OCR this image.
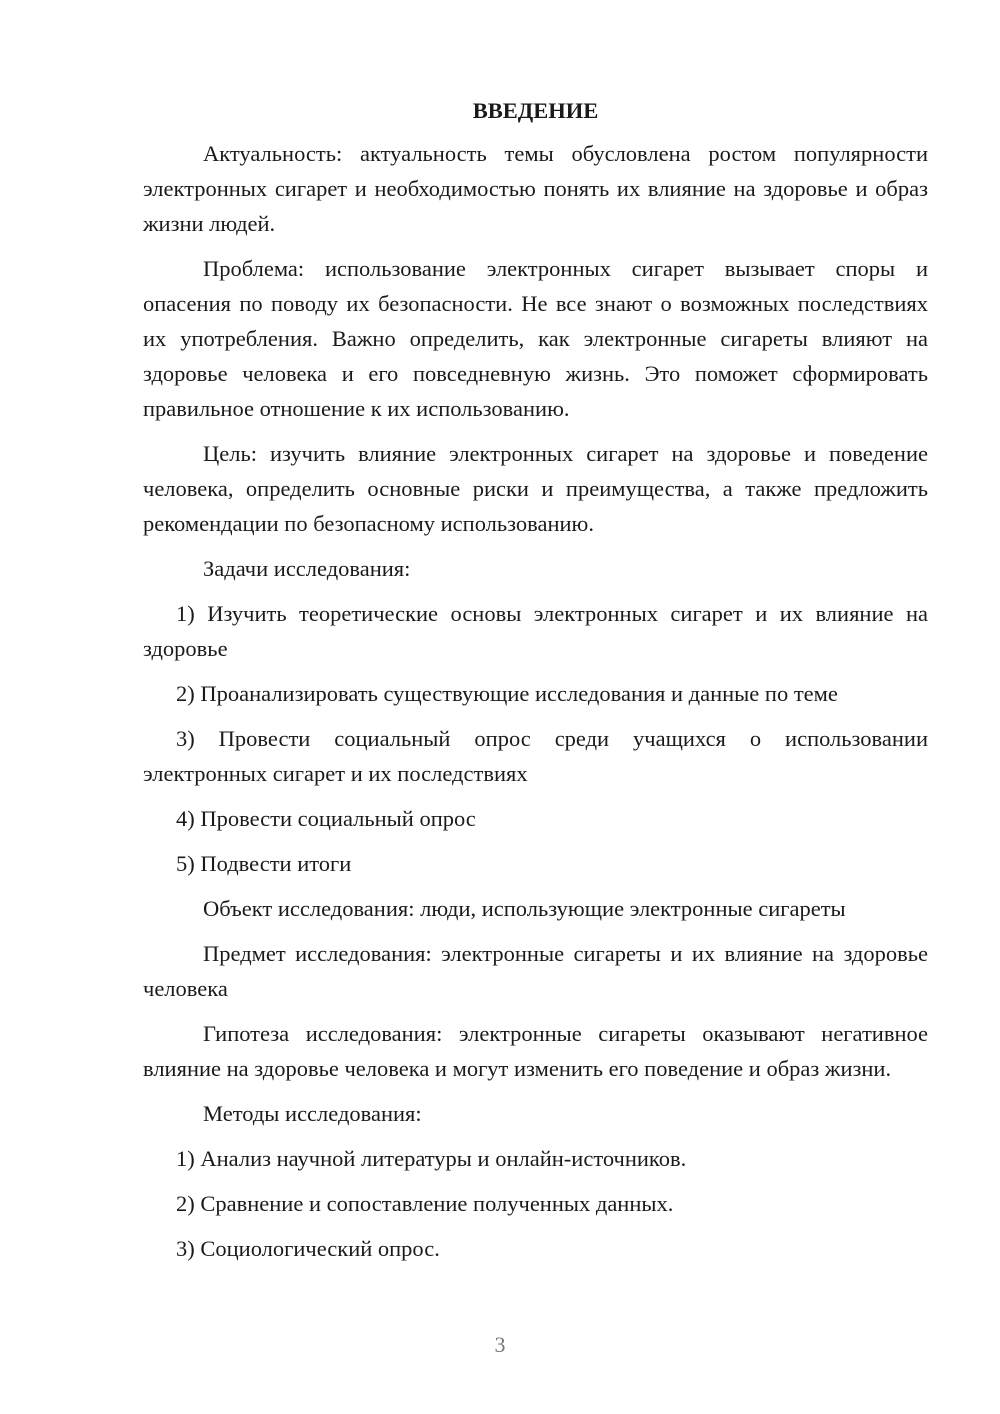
ВВЕДЕНИЕ

Актуальность: актуальность темы обусловлена ростом популярности электронных сигарет и необходимостью понять их влияние на здоровье и образ жизни людей.

Проблема: использование электронных сигарет вызывает споры и опасения по поводу их безопасности. Не все знают о возможных последствиях их употребления. Важно определить, как электронные сигареты влияют на здоровье человека и его повседневную жизнь. Это поможет сформировать правильное отношение к их использованию.

Цель: изучить влияние электронных сигарет на здоровье и поведение человека, определить основные риски и преимущества, а также предложить рекомендации по безопасному использованию.

Задачи исследования:

1) Изучить теоретические основы электронных сигарет и их влияние на здоровье

2) Проанализировать существующие исследования и данные по теме

3) Провести социальный опрос среди учащихся о использовании электронных сигарет и их последствиях

4) Провести социальный опрос

5) Подвести итоги

Объект исследования: люди, использующие электронные сигареты

Предмет исследования: электронные сигареты и их влияние на здоровье человека

Гипотеза исследования: электронные сигареты оказывают негативное влияние на здоровье человека и могут изменить его поведение и образ жизни.

Методы исследования:

1) Анализ научной литературы и онлайн-источников.

2) Сравнение и сопоставление полученных данных.

3) Социологический опрос.

3
